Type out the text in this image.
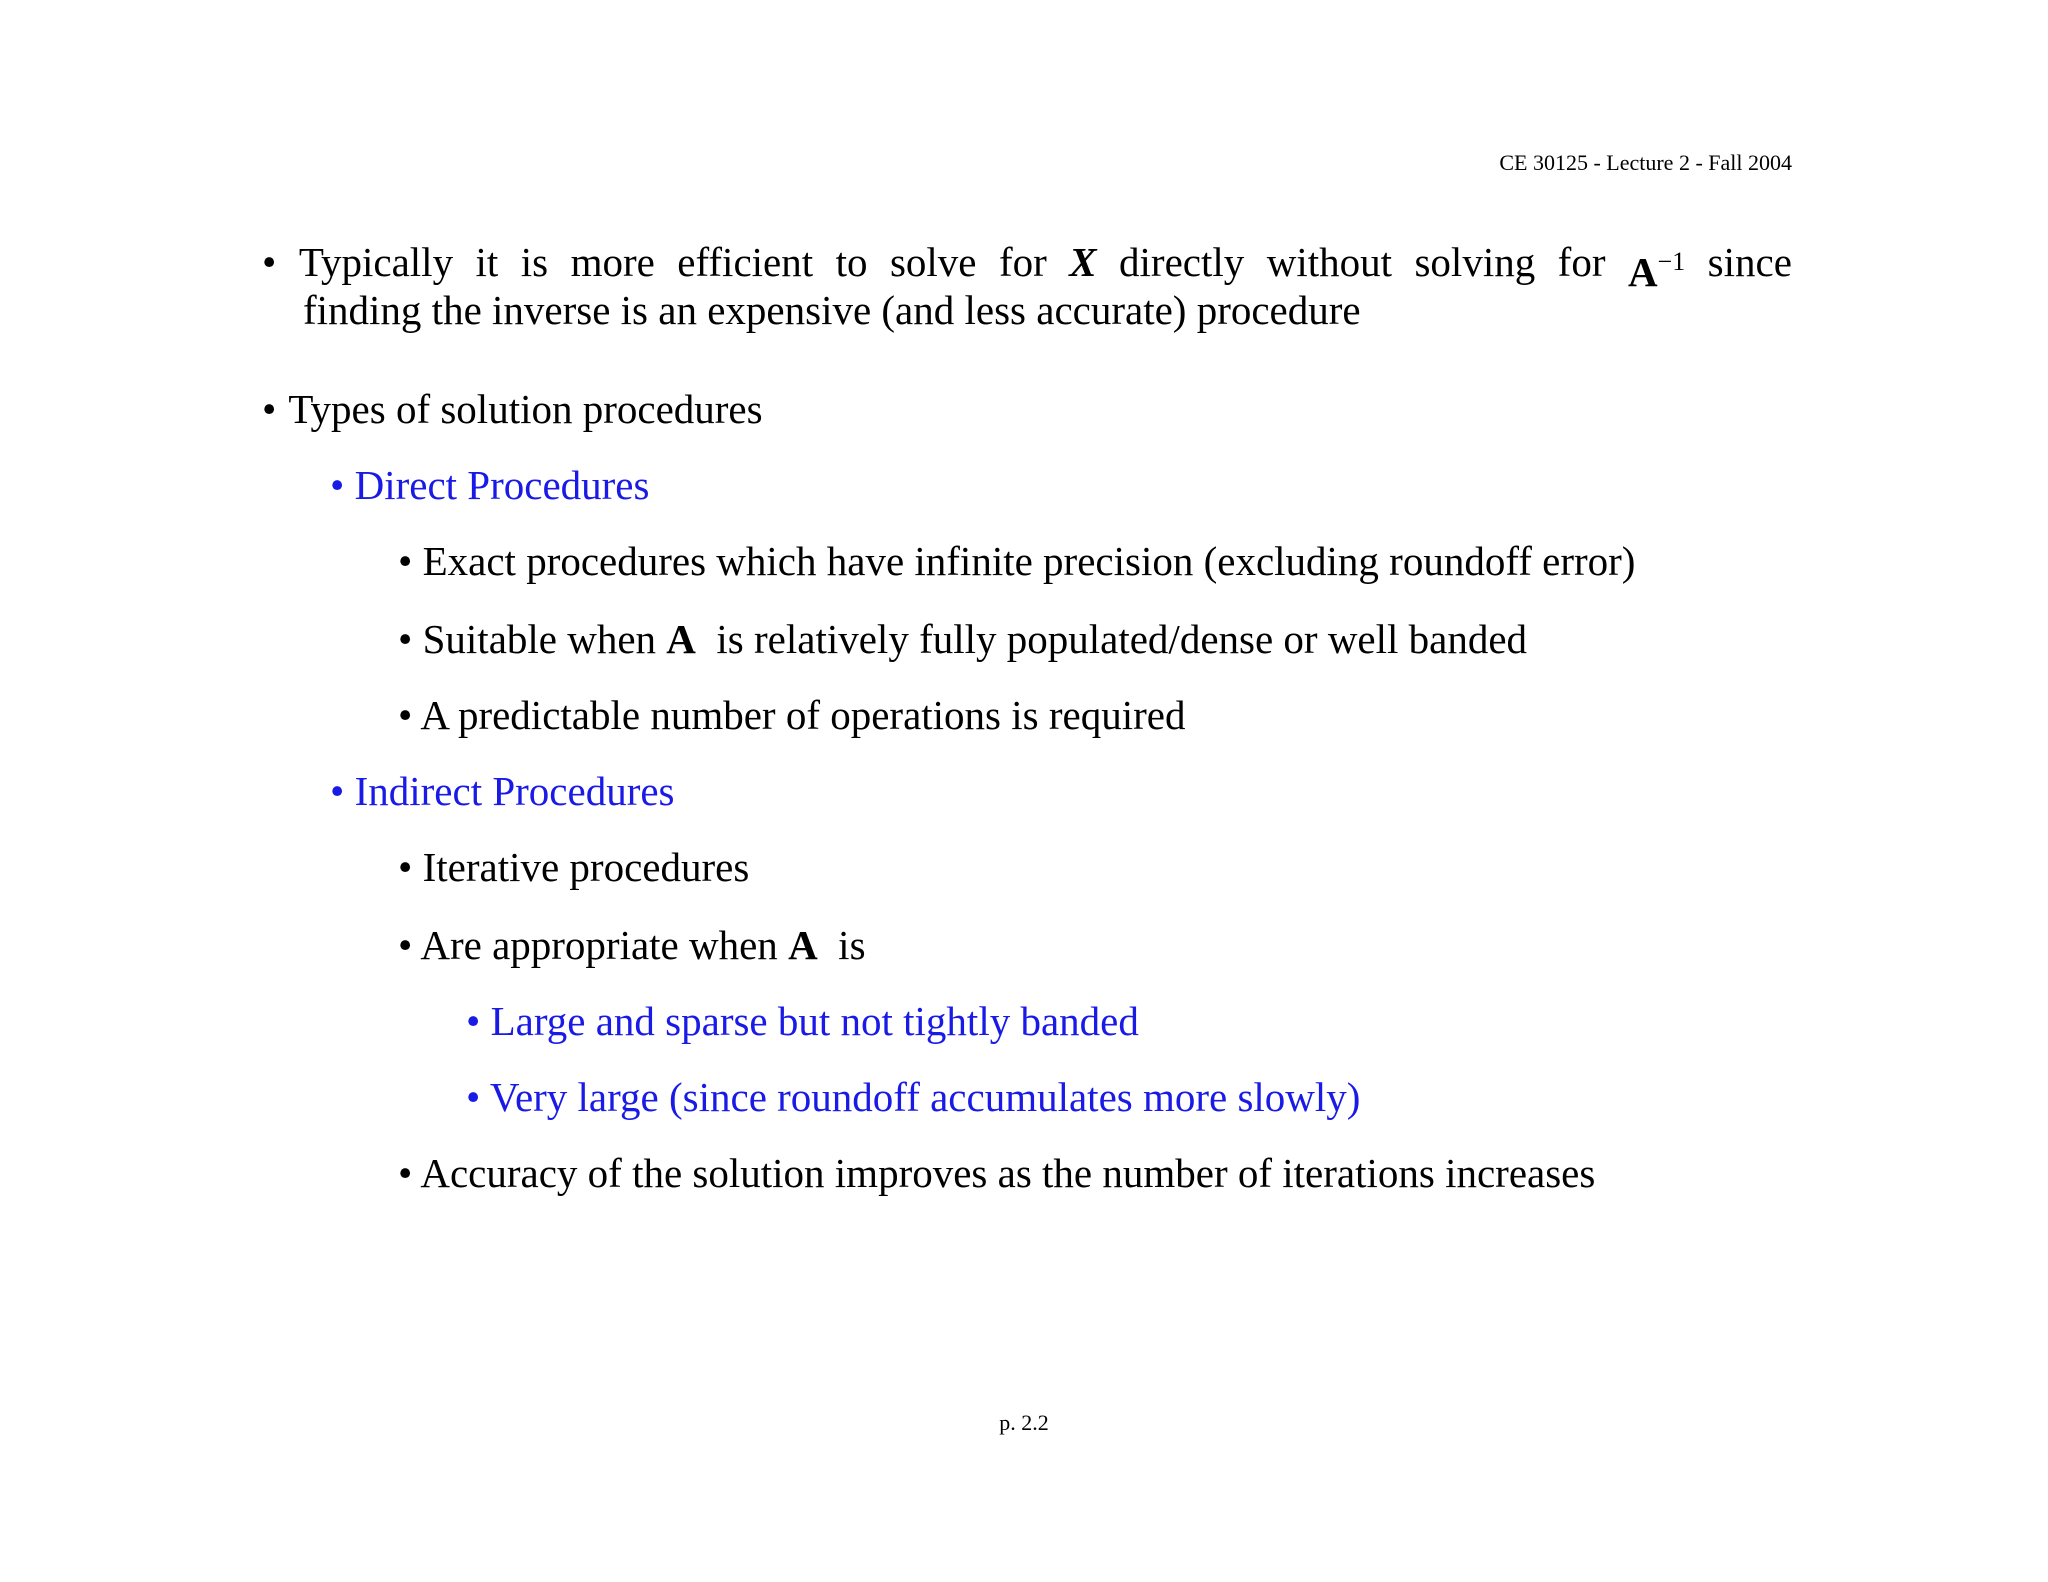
CE 30125 - Lecture 2 - Fall 2004
• Typically it is more efficient to solve for X directly without solving for $A^{-1}$ since
finding the inverse is an expensive (and less accurate) procedure
• Types of solution procedures
• Direct Procedures
• Exact procedures which have infinite precision (excluding roundoff error)
• Suitable when A is relatively fully populated/dense or well banded
• A predictable number of operations is required
• Indirect Procedures
• Iterative procedures
• Are appropriate when A is
• Large and sparse but not tightly banded
• Very large (since roundoff accumulates more slowly)
• Accuracy of the solution improves as the number of iterations increases
p. 2.2
